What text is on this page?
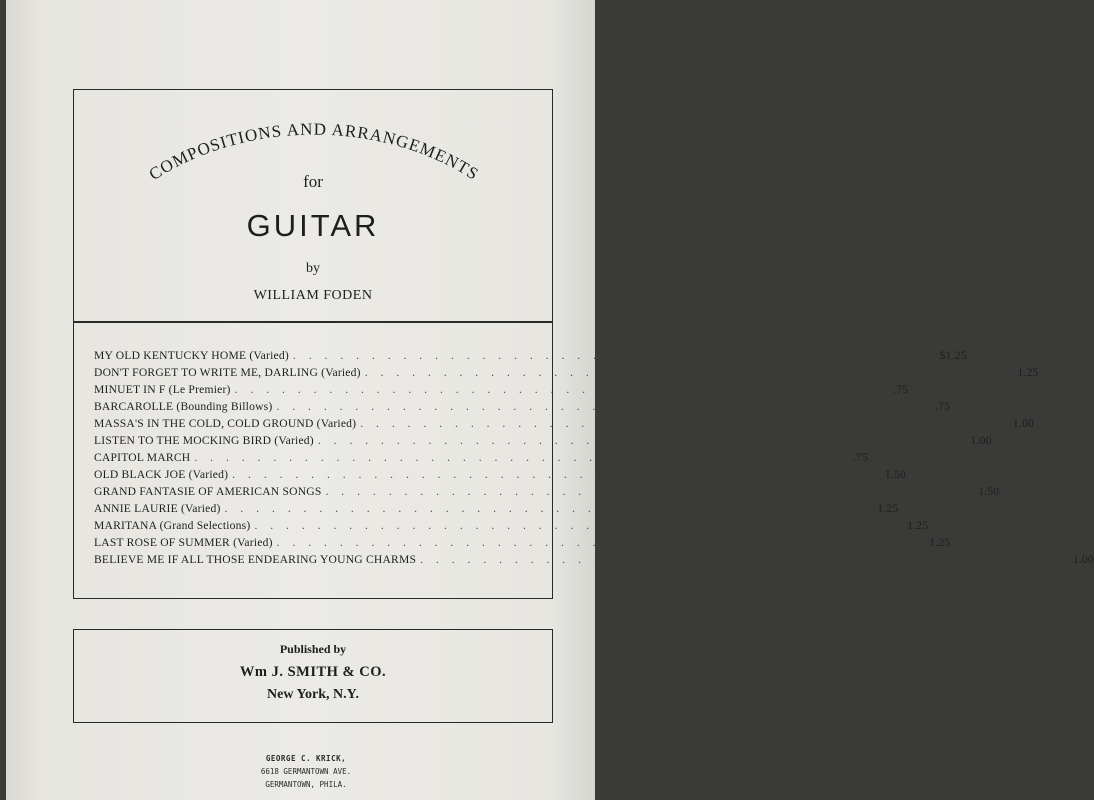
COMPOSITIONS AND ARRANGEMENTS
for
GUITAR
by
WILLIAM FODEN
MY OLD KENTUCKY HOME (Varied) . . . . . . . . . . . . . . . . . . . . . . . . . . . . . . . . . . . . . . . . . $1.25
DON'T FORGET TO WRITE ME, DARLING (Varied) . . . . . . . . . . . . . . . . . . . . . . . . . . . . . . . . . . . . . . . . .	1.25
MINUET IN F (Le Premier) . . . . . . . . . . . . . . . . . . . . . . . . . . . . . . . . . . . . . . . . .	.75
BARCAROLLE (Bounding Billows) . . . . . . . . . . . . . . . . . . . . . . . . . . . . . . . . . . . . . . . . .	.75
MASSA'S IN THE COLD, COLD GROUND (Varied) . . . . . . . . . . . . . . . . . . . . . . . . . . . . . . . . . . . . . . . . .	1.00
LISTEN TO THE MOCKING BIRD (Varied) . . . . . . . . . . . . . . . . . . . . . . . . . . . . . . . . . . . . . . . . .	1.00
CAPITOL MARCH . . . . . . . . . . . . . . . . . . . . . . . . . . . . . . . . . . . . . . . . .	.75
OLD BLACK JOE (Varied) . . . . . . . . . . . . . . . . . . . . . . . . . . . . . . . . . . . . . . . . .	1.50
GRAND FANTASIE OF AMERICAN SONGS . . . . . . . . . . . . . . . . . . . . . . . . . . . . . . . . . . . . . . . . .	1.50
ANNIE LAURIE (Varied) . . . . . . . . . . . . . . . . . . . . . . . . . . . . . . . . . . . . . . . . .	1.25
MARITANA (Grand Selections) . . . . . . . . . . . . . . . . . . . . . . . . . . . . . . . . . . . . . . . . .	1.25
LAST ROSE OF SUMMER (Varied) . . . . . . . . . . . . . . . . . . . . . . . . . . . . . . . . . . . . . . . . .	1.25
BELIEVE ME IF ALL THOSE ENDEARING YOUNG CHARMS . . . . . . . . . . . . . . . . . . . . . . . . . . . . . . . . . . . . . . . . .	1.00
Published by
Wm J. SMITH & CO.
New York, N.Y.
GEORGE C. KRICK,
6618 GERMANTOWN AVE.
GERMANTOWN, PHILA.
